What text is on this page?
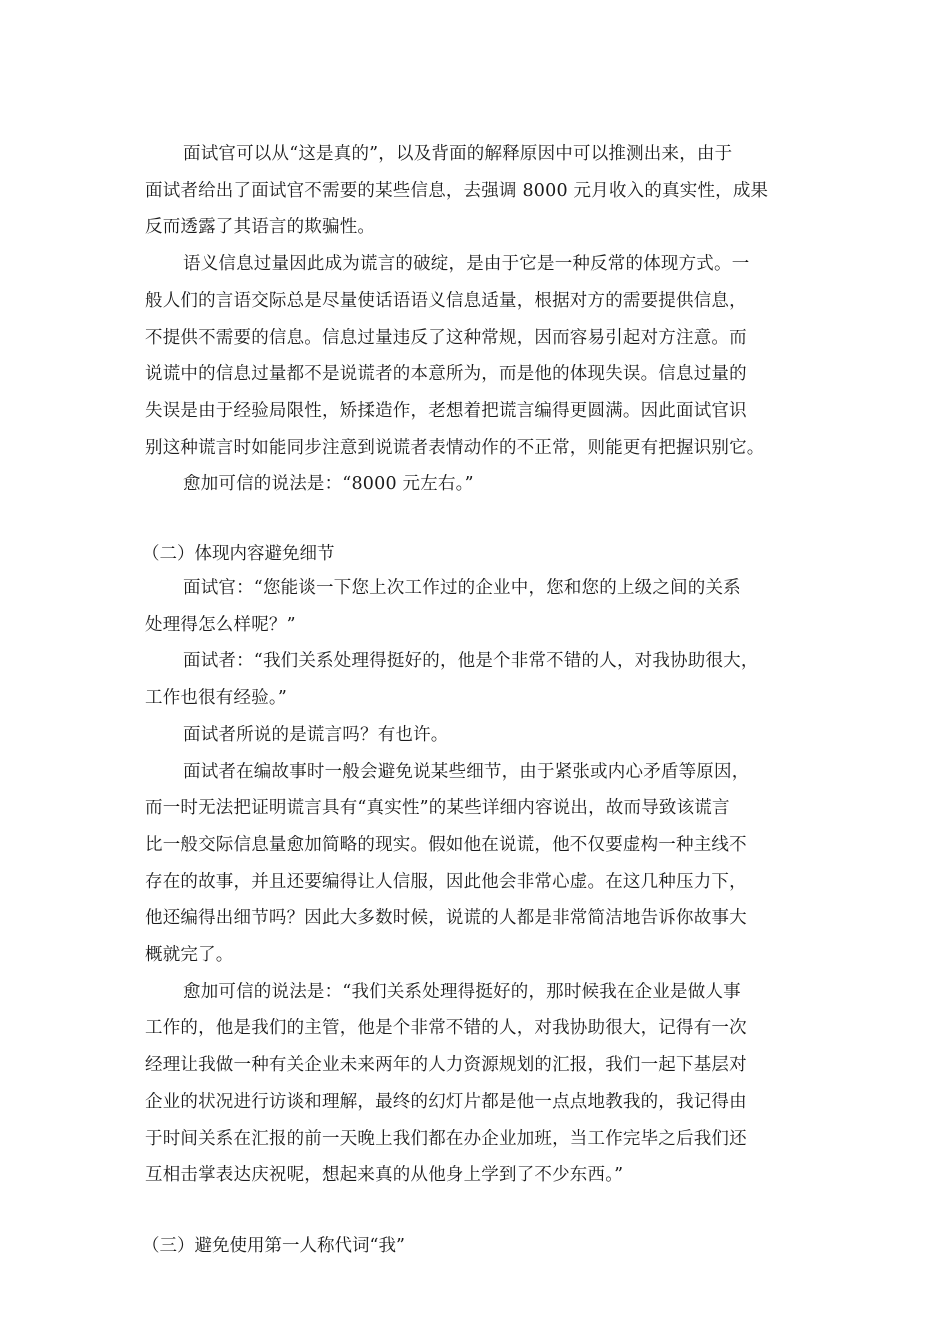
面试官可以从“这是真的”，以及背面的解释原因中可以推测出来，由于
面试者给出了面试官不需要的某些信息，去强调 8000 元月收入的真实性，成果
反而透露了其语言的欺骗性。
语义信息过量因此成为谎言的破绽，是由于它是一种反常的体现方式。一
般人们的言语交际总是尽量使话语语义信息适量，根据对方的需要提供信息，
不提供不需要的信息。信息过量违反了这种常规，因而容易引起对方注意。而
说谎中的信息过量都不是说谎者的本意所为，而是他的体现失误。信息过量的
失误是由于经验局限性，矫揉造作，老想着把谎言编得更圆满。因此面试官识
别这种谎言时如能同步注意到说谎者表情动作的不正常，则能更有把握识别它。
愈加可信的说法是：“8000 元左右。”
（二）体现内容避免细节
面试官：“您能谈一下您上次工作过的企业中，您和您的上级之间的关系
处理得怎么样呢？”
面试者：“我们关系处理得挺好的，他是个非常不错的人，对我协助很大，
工作也很有经验。”
面试者所说的是谎言吗？有也许。
面试者在编故事时一般会避免说某些细节，由于紧张或内心矛盾等原因，
而一时无法把证明谎言具有“真实性”的某些详细内容说出，故而导致该谎言
比一般交际信息量愈加简略的现实。假如他在说谎，他不仅要虚构一种主线不
存在的故事，并且还要编得让人信服，因此他会非常心虚。在这几种压力下，
他还编得出细节吗？因此大多数时候，说谎的人都是非常简洁地告诉你故事大
概就完了。
愈加可信的说法是：“我们关系处理得挺好的，那时候我在企业是做人事
工作的，他是我们的主管，他是个非常不错的人，对我协助很大，记得有一次
经理让我做一种有关企业未来两年的人力资源规划的汇报，我们一起下基层对
企业的状况进行访谈和理解，最终的幻灯片都是他一点点地教我的，我记得由
于时间关系在汇报的前一天晚上我们都在办企业加班，当工作完毕之后我们还
互相击掌表达庆祝呢，想起来真的从他身上学到了不少东西。”
（三）避免使用第一人称代词“我”
